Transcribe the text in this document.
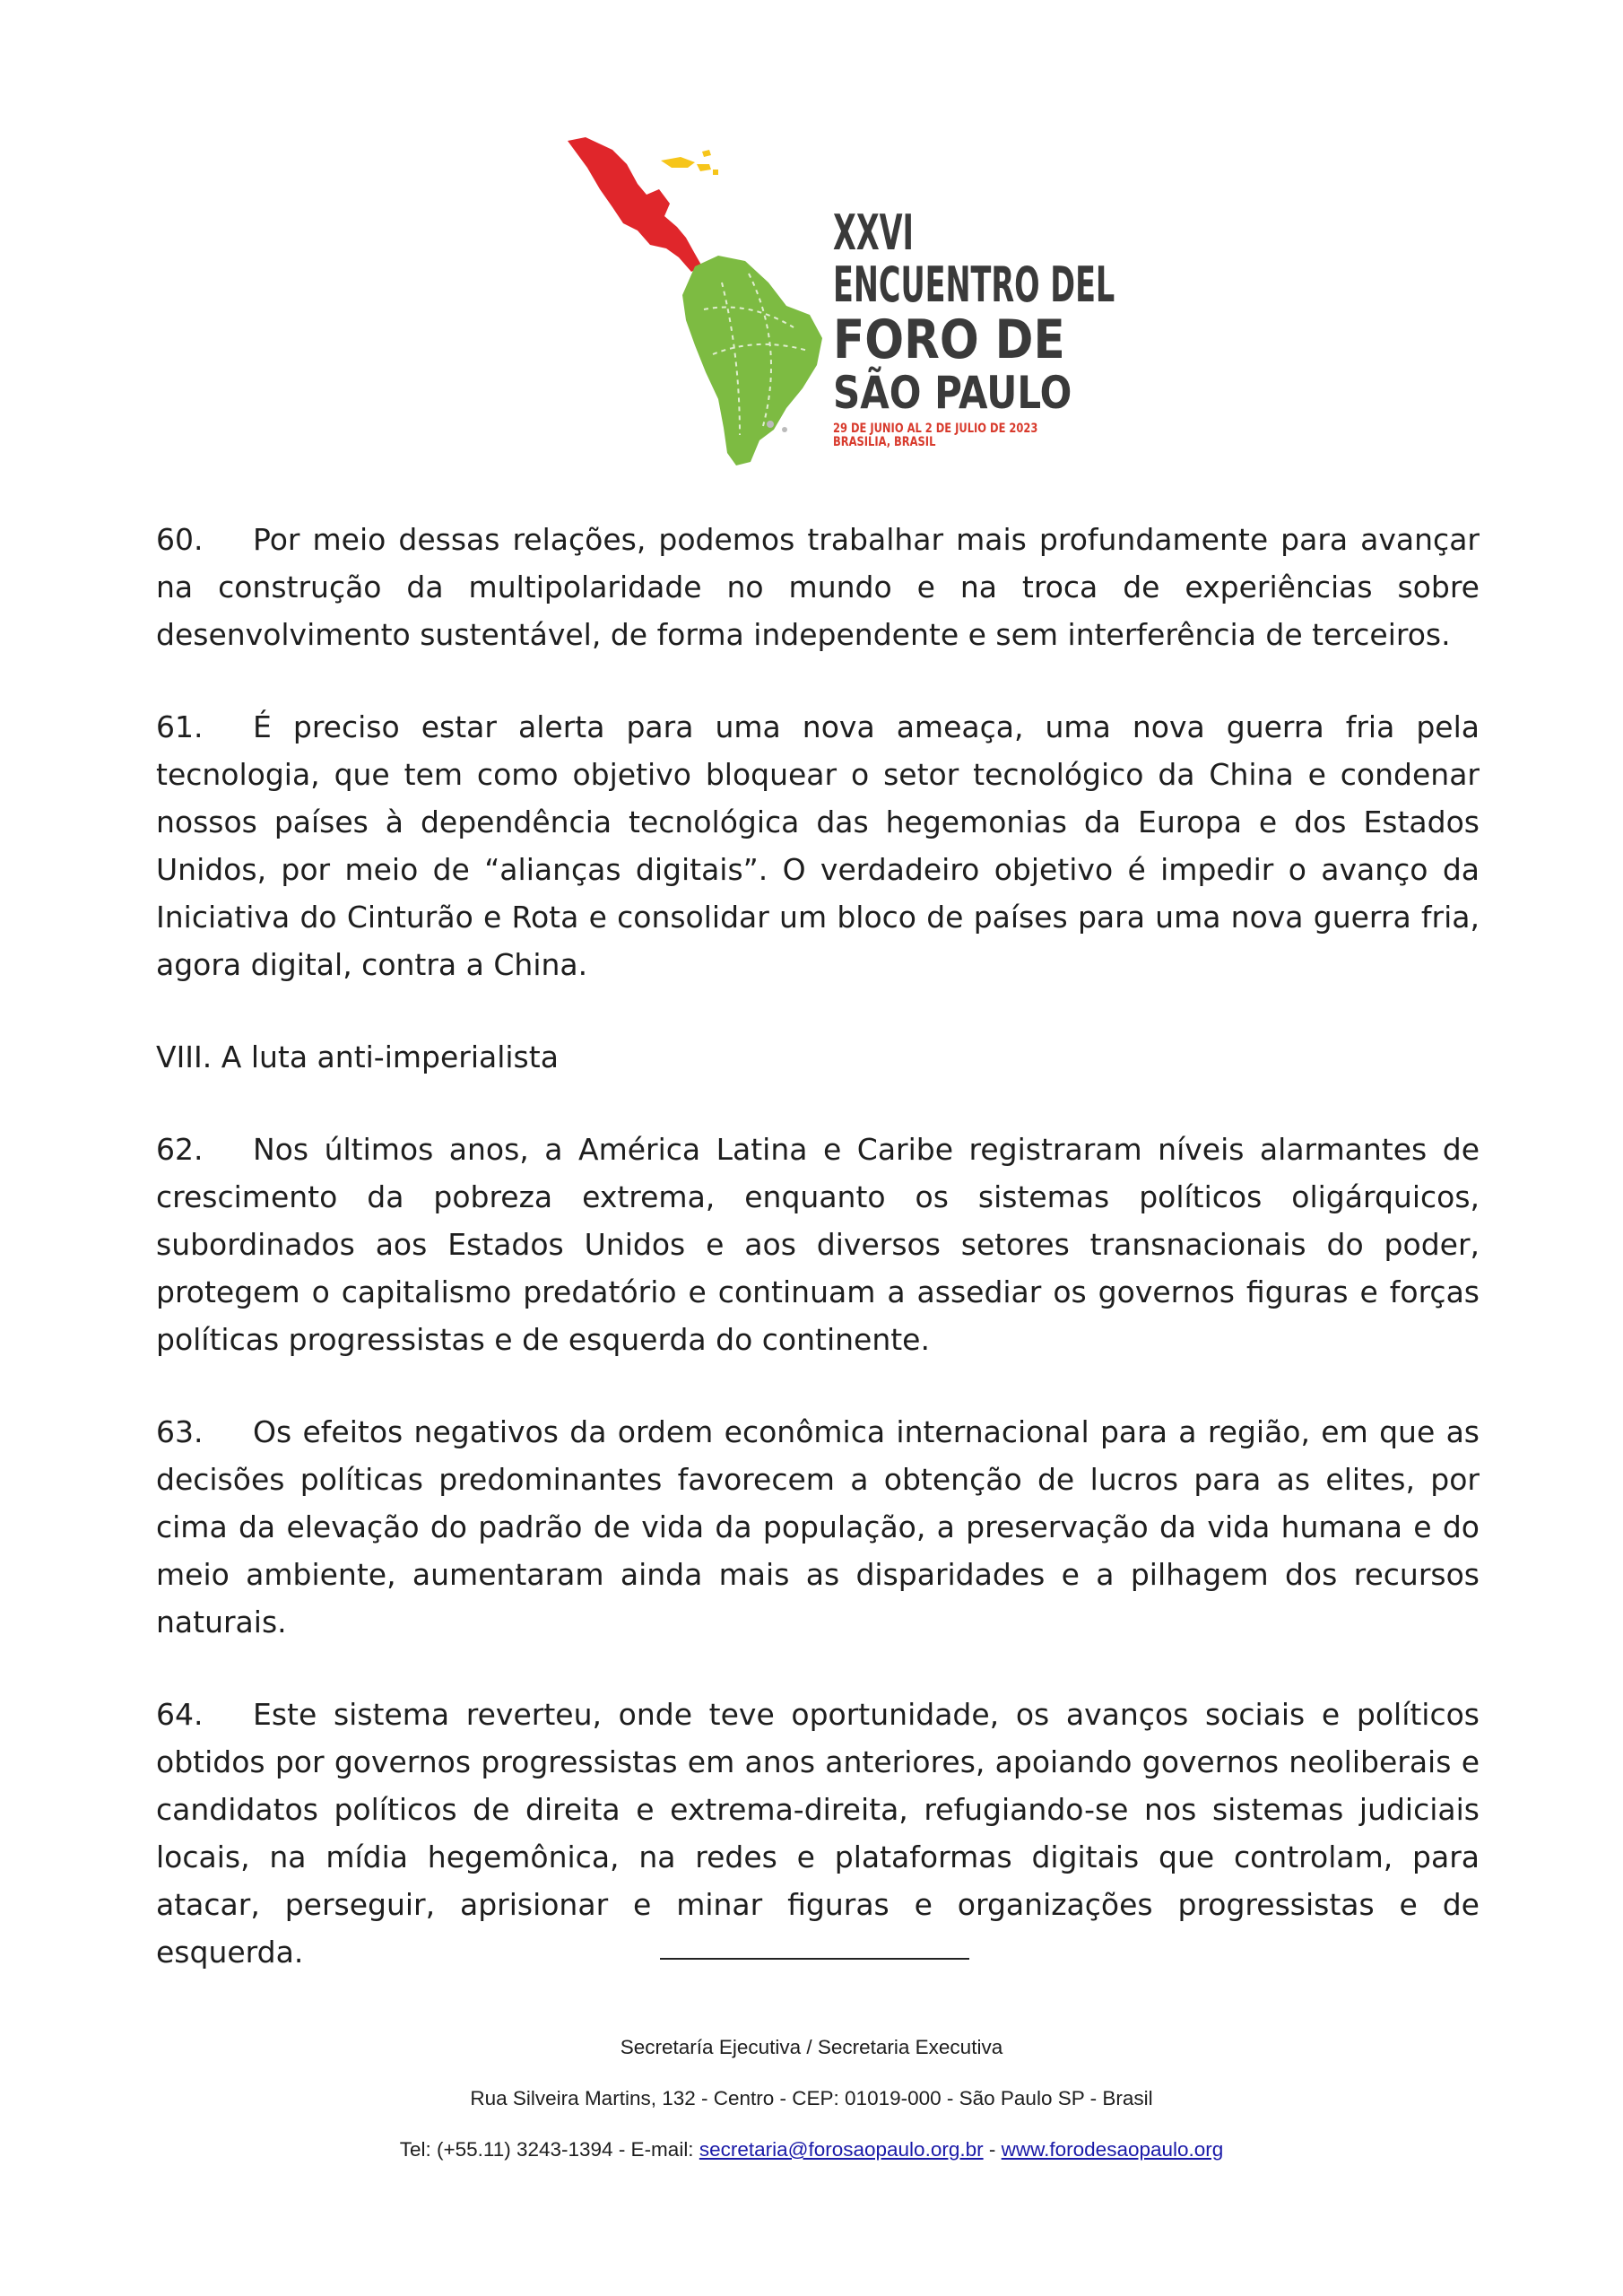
XXVI
ENCUENTRO DEL
FORO DE
SÃO PAULO
29 DE JUNIO AL 2 DE JULIO DE 2023
BRASILIA, BRASIL

60. Por meio dessas relações, podemos trabalhar mais profundamente para avançar na construção da multipolaridade no mundo e na troca de experiências sobre desenvolvimento sustentável, de forma independente e sem interferência de terceiros.

61. É preciso estar alerta para uma nova ameaça, uma nova guerra fria pela tecnologia, que tem como objetivo bloquear o setor tecnológico da China e condenar nossos países à dependência tecnológica das hegemonias da Europa e dos Estados Unidos, por meio de “alianças digitais”. O verdadeiro objetivo é impedir o avanço da Iniciativa do Cinturão e Rota e consolidar um bloco de países para uma nova guerra fria, agora digital, contra a China.

VIII. A luta anti-imperialista

62. Nos últimos anos, a América Latina e Caribe registraram níveis alarmantes de crescimento da pobreza extrema, enquanto os sistemas políticos oligárquicos, subordinados aos Estados Unidos e aos diversos setores transnacionais do poder, protegem o capitalismo predatório e continuam a assediar os governos figuras e forças políticas progressistas e de esquerda do continente.

63. Os efeitos negativos da ordem econômica internacional para a região, em que as decisões políticas predominantes favorecem a obtenção de lucros para as elites, por cima da elevação do padrão de vida da população, a preservação da vida humana e do meio ambiente, aumentaram ainda mais as disparidades e a pilhagem dos recursos naturais.

64. Este sistema reverteu, onde teve oportunidade, os avanços sociais e políticos obtidos por governos progressistas em anos anteriores, apoiando governos neoliberais e candidatos políticos de direita e extrema-direita, refugiando-se nos sistemas judiciais locais, na mídia hegemônica, na redes e plataformas digitais que controlam, para atacar, perseguir, aprisionar e minar figuras e organizações progressistas e de esquerda.

Secretaría Ejecutiva / Secretaria Executiva
Rua Silveira Martins, 132 - Centro - CEP: 01019-000 - São Paulo SP - Brasil
Tel: (+55.11) 3243-1394 - E-mail: secretaria@forosaopaulo.org.br - www.forodesaopaulo.org
